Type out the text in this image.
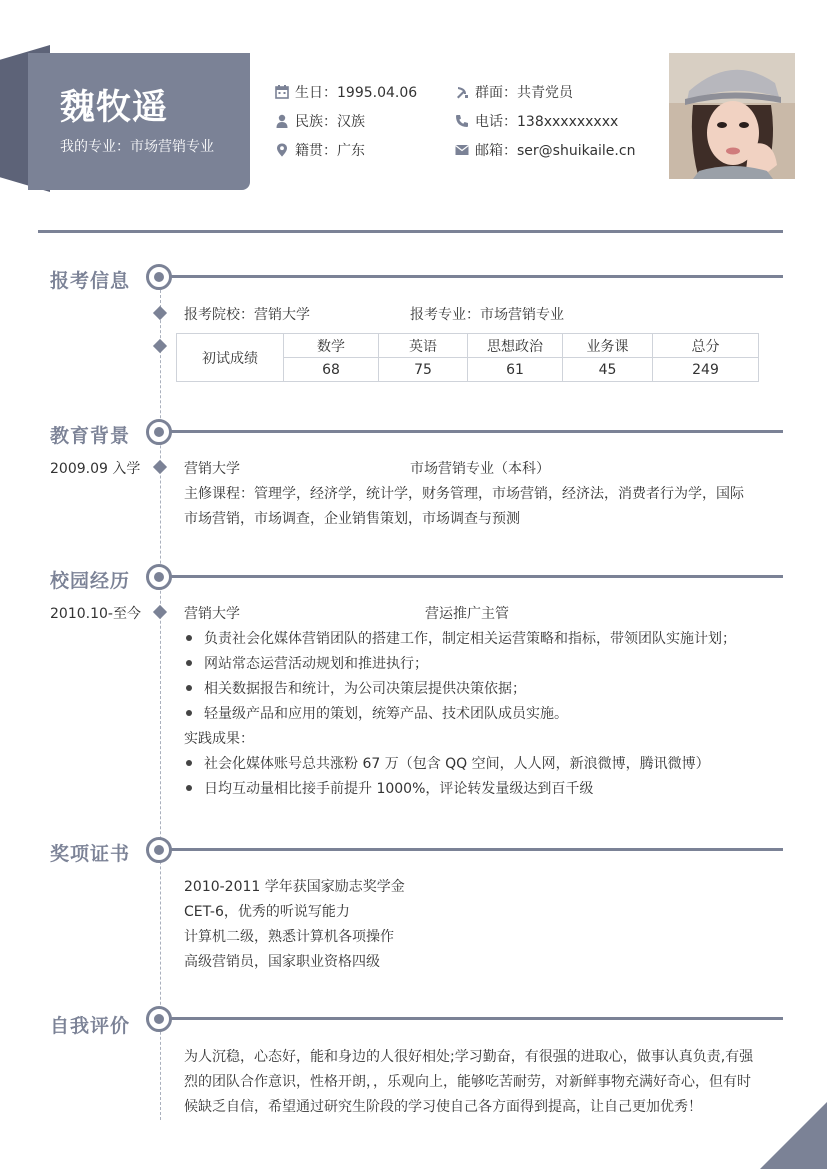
魏牧遥
我的专业：市场营销专业
生日：1995.04.06
民族：汉族
籍贯：广东
群面：共青党员
电话：138xxxxxxxxx
邮箱：ser@shuikaile.cn
报考信息
报考院校：营销大学	报考专业：市场营销专业
初试成绩	数学	英语	思想政治	业务课	总分
	68	75	61	45	249
教育背景
2009.09 入学	营销大学	市场营销专业（本科）
主修课程：管理学，经济学，统计学，财务管理，市场营销，经济法，消费者行为学，国际
市场营销，市场调查，企业销售策划，市场调查与预测
校园经历
2010.10-至今	营销大学	营运推广主管
负责社会化媒体营销团队的搭建工作，制定相关运营策略和指标，带领团队实施计划；
网站常态运营活动规划和推进执行；
相关数据报告和统计，为公司决策层提供决策依据；
轻量级产品和应用的策划，统筹产品、技术团队成员实施。
实践成果：
社会化媒体账号总共涨粉 67 万（包含 QQ 空间，人人网，新浪微博，腾讯微博）
日均互动量相比接手前提升 1000%，评论转发量级达到百千级
奖项证书
2010-2011 学年获国家励志奖学金
CET-6，优秀的听说写能力
计算机二级，熟悉计算机各项操作
高级营销员，国家职业资格四级
自我评价
为人沉稳，心态好，能和身边的人很好相处;学习勤奋，有很强的进取心，做事认真负责,有强
烈的团队合作意识，性格开朗，，乐观向上，能够吃苦耐劳，对新鲜事物充满好奇心，但有时
候缺乏自信，希望通过研究生阶段的学习使自己各方面得到提高，让自己更加优秀！
